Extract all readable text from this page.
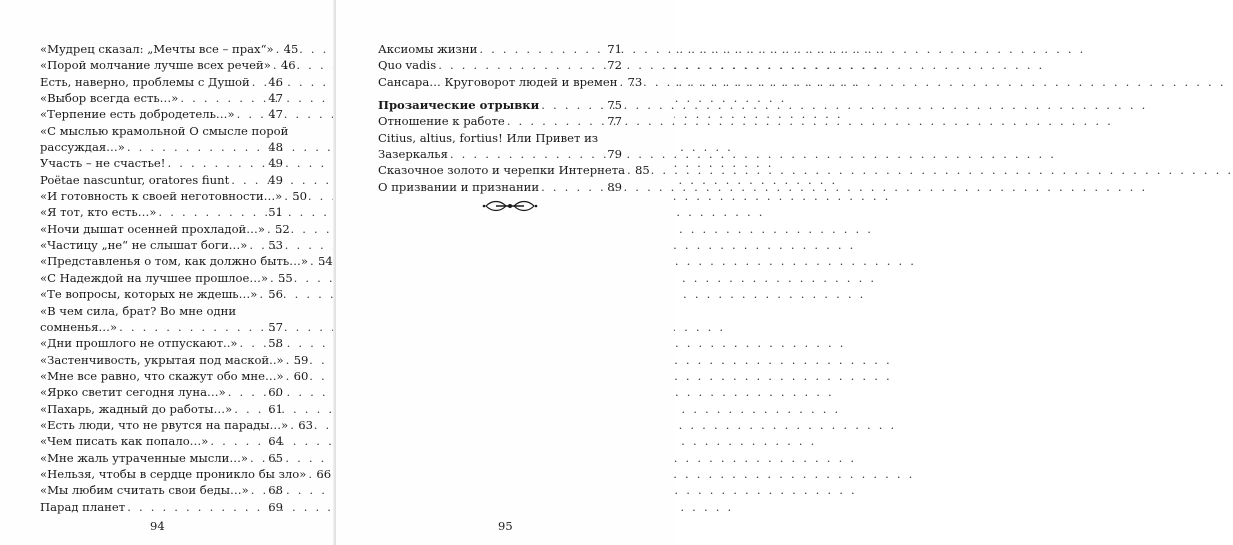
«Мудрец сказал: „Мечты все – прах“» . . . 45
«Порой молчание лучше всех речей» . . . 46
Есть, наверно, проблемы с Душой . . . 46
«Выбор всегда есть…» . . .	47
«Терпение есть добродетель…» . . .	47
«С мыслью крамольной О смысле порой
рассуждая…» . . .	48
Участь – не счастье! . . .	49
Poëtae nascuntur, oratores fiunt . . .	49
«И готовность к своей неготовности…» . . . 50
«Я тот, кто есть…» . . .	51
«Ночи дышат осенней прохладой…» . . . 52
«Частицу „не“ не слышат боги…» . . . 53
«Представленья о том, как должно быть…» . . . 54
«С Надеждой на лучшее прошлое…» . . . 55
«Те вопросы, которых не ждешь…» . . . 56
«В чем сила, брат? Во мне одни
сомненья…» . . .	57
«Дни прошлого не отпускают..» . . .	58
«Застенчивость, укрытая под маской..» . . . 59
«Мне все равно, что скажут обо мне…» . . . 60
«Ярко светит сегодня луна…» . . .	60
«Пахарь, жадный до работы…» . . .	61
«Есть люди, что не рвутся на парады…» . . . 63
«Чем писать как попало…» . . .	64
«Мне жаль утраченные мысли…» . . . 65
«Нельзя, чтобы в сердце проникло бы зло» . . . 66
«Мы любим считать свои беды…» . . . 68
Парад планет . . .	69
94
Аксиомы жизни . . .	71
Quo vadis . . .	72
Сансара… Круговорот людей и времен . . . 73
Прозаические отрывки . . .	75
Отношение к работе . . .	77
Citius, altius, fortius! Или Привет из
Зазеркалья . . .	79
Сказочное золото и черепки Интернета . . . 85
О призвании и признании . . .	89
95
